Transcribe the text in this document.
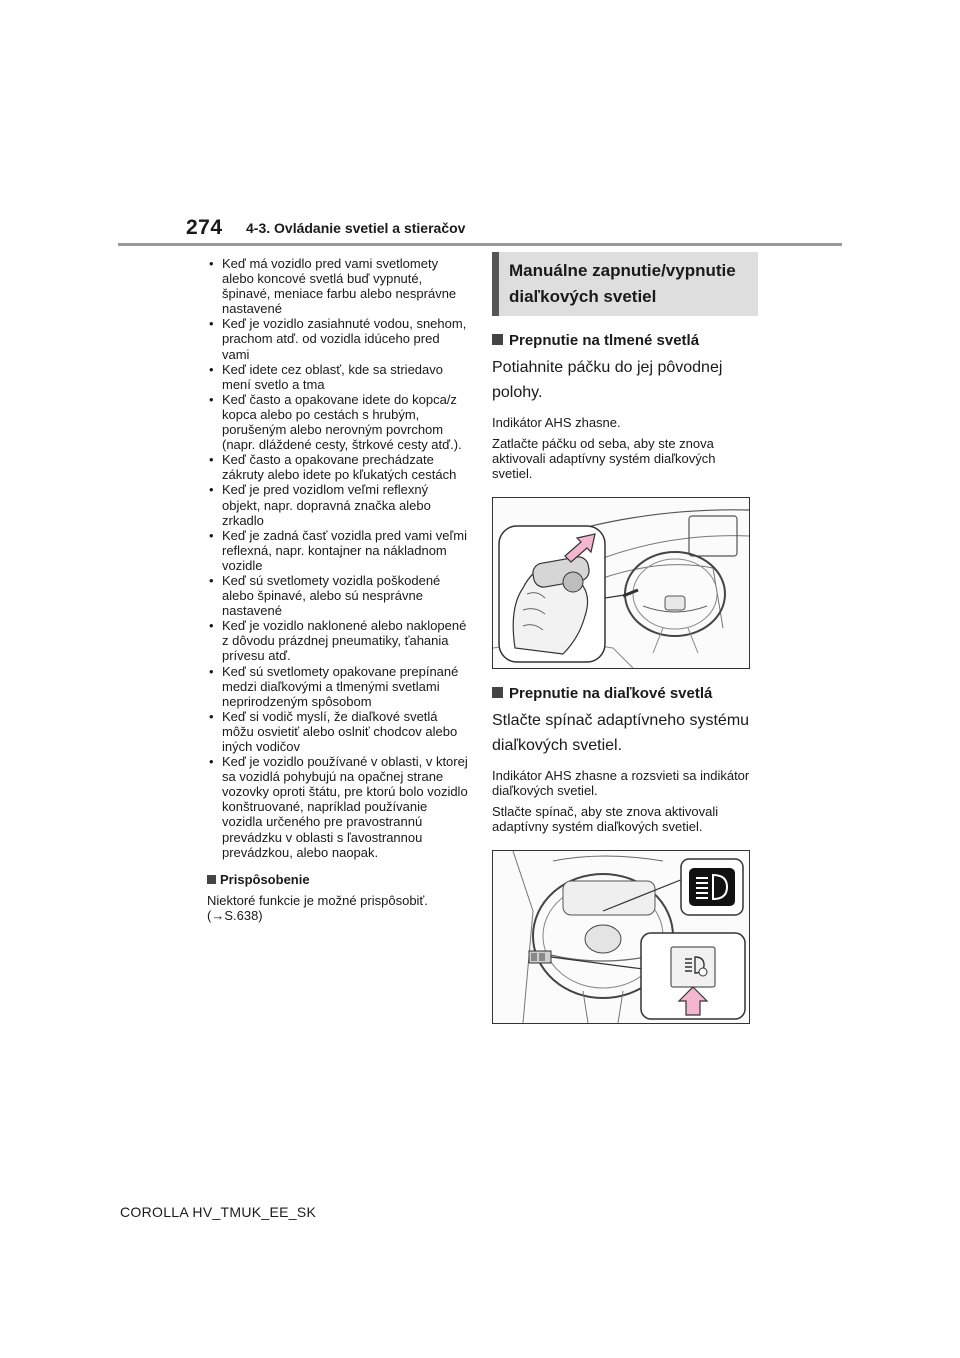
274 4-3. Ovládanie svetiel a stieračov
• Keď má vozidlo pred vami svetlomety alebo koncové svetlá buď vypnuté, špinavé, meniace farbu alebo nesprávne nastavené
• Keď je vozidlo zasiahnuté vodou, snehom, prachom atď. od vozidla idúceho pred vami
• Keď idete cez oblasť, kde sa striedavo mení svetlo a tma
• Keď často a opakovane idete do kopca/z kopca alebo po cestách s hrubým, porušeným alebo nerovným povrchom (napr. dláždené cesty, štrkové cesty atď.).
• Keď často a opakovane prechádzate zákruty alebo idete po kľukatých cestách
• Keď je pred vozidlom veľmi reflexný objekt, napr. dopravná značka alebo zrkadlo
• Keď je zadná časť vozidla pred vami veľmi reflexná, napr. kontajner na nákladnom vozidle
• Keď sú svetlomety vozidla poškodené alebo špinavé, alebo sú nesprávne nastavené
• Keď je vozidlo naklonené alebo naklopené z dôvodu prázdnej pneumatiky, ťahania prívesu atď.
• Keď sú svetlomety opakovane prepínané medzi diaľkovými a tlmenými svetlami neprirodzeným spôsobom
• Keď si vodič myslí, že diaľkové svetlá môžu osvietiť alebo oslniť chodcov alebo iných vodičov
• Keď je vozidlo používané v oblasti, v ktorej sa vozidlá pohybujú na opačnej strane vozovky oproti štátu, pre ktorú bolo vozidlo konštruované, napríklad používanie vozidla určeného pre pravostrannú prevádzku v oblasti s ľavostrannou prevádzkou, alebo naopak.
Prispôsobenie
Niektoré funkcie je možné prispôsobiť.
(→S.638)
Manuálne zapnutie/vypnutie diaľkových svetiel
Prepnutie na tlmené svetlá
Potiahnite páčku do jej pôvodnej polohy.
Indikátor AHS zhasne.
Zatlačte páčku od seba, aby ste znova aktivovali adaptívny systém diaľkových svetiel.
Prepnutie na diaľkové svetlá
Stlačte spínač adaptívneho systému diaľkových svetiel.
Indikátor AHS zhasne a rozsvieti sa indikátor diaľkových svetiel.
Stlačte spínač, aby ste znova aktivovali adaptívny systém diaľkových svetiel.
COROLLA HV_TMUK_EE_SK
